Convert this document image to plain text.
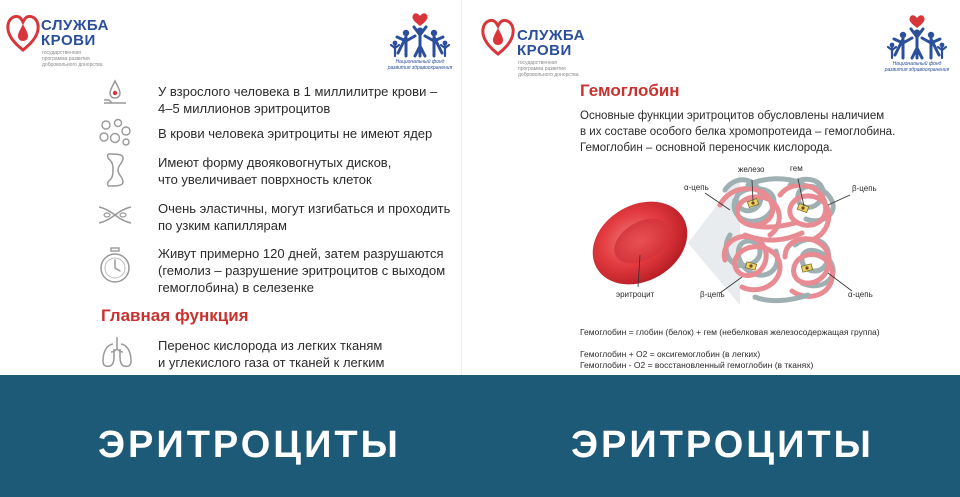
СЛУЖБА
КРОВИ
государственная
программа развития
добровольного донорства	Национальный фонд
развития здравоохранения
У взрослого человека в 1 миллилитре крови –
4–5 миллионов эритроцитов
В крови человека эритроциты не имеют ядер
Имеют форму двояковогнутых дисков,
что увеличивает поврхность клеток
Очень эластичны, могут изгибаться и проходить
по узким капиллярам
Живут примерно 120 дней, затем разрушаются
(гемолиз – разрушение эритроцитов с выходом
гемоглобина) в селезенке
Главная функция
Перенос кислорода из легких тканям
и углекислого газа от тканей к легким
СЛУЖБА
КРОВИ
государственная
программа развития
добровольного донорства
Национальный фонд
развития здравоохранения
Гемоглобин
Основные функции эритроцитов обусловлены наличием
в их составе особого белка хромопротеида – гемоглобина.
Гемоглобин – основной переносчик кислорода.
железо	гем
α-цепь	β-цепь
эритроцит	β-цепь	α-цепь
Гемоглобин = глобин (белок) + гем (небелковая железосодержащая группа)
Гемоглобин + O2 = оксигемоглобин (в легких)
Гемоглобин - O2 = восстановленный гемоглобин (в тканях)
ЭРИТРОЦИТЫ	ЭРИТРОЦИТЫ
